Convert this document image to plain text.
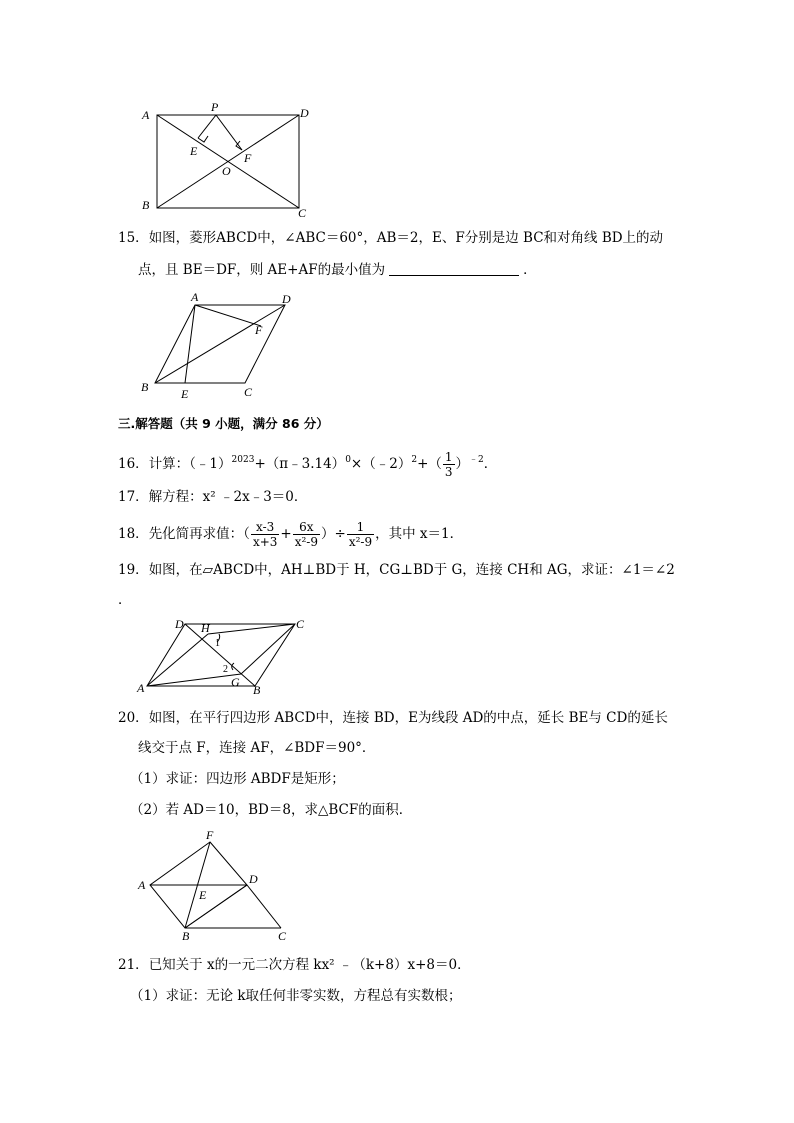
A
P	D
E	F
O
B
C
15．如图，菱形ABCD中，∠ABC＝60°，AB＝2，E、F分别是边 BC和对角线 BD上的动
点，且 BE＝DF，则 AE+AF的最小值为	．
A	D
F
B	E	C
三.解答题（共 9 小题，满分 86 分）
16．计算：（﹣1）$^{2023}$+（π﹣3.14）$^0$×（﹣2）$^2$+（ $\frac{1}{3} )^{﹣2}$．
17．解方程：x² ﹣2x﹣3＝0．
18．先化简再求值：（ $\frac{x-3}{x+3} + \frac{6x}{\text{x²-9}}$ ）÷ $\frac{1}{\text{x²-9}}$ ，其中 x＝1．
19．如图，在▱ABCD中，AH⊥BD于 H，CG⊥BD于 G，连接 CH和 AG，求证：∠1＝∠2
．
D H	C
1
2
A	G
B
20．如图，在平行四边形 ABCD中，连接 BD，E为线段 AD的中点，延长 BE与 CD的延长
线交于点 F，连接 AF，∠BDF＝90°．
（1）求证：四边形 ABDF是矩形；
（2）若 AD＝10，BD＝8，求△BCF的面积．
F
A	D
E
B	C
21．已知关于 x的一元二次方程 kx² ﹣（k+8）x+8＝0．
（1）求证：无论 k取任何非零实数，方程总有实数根；
